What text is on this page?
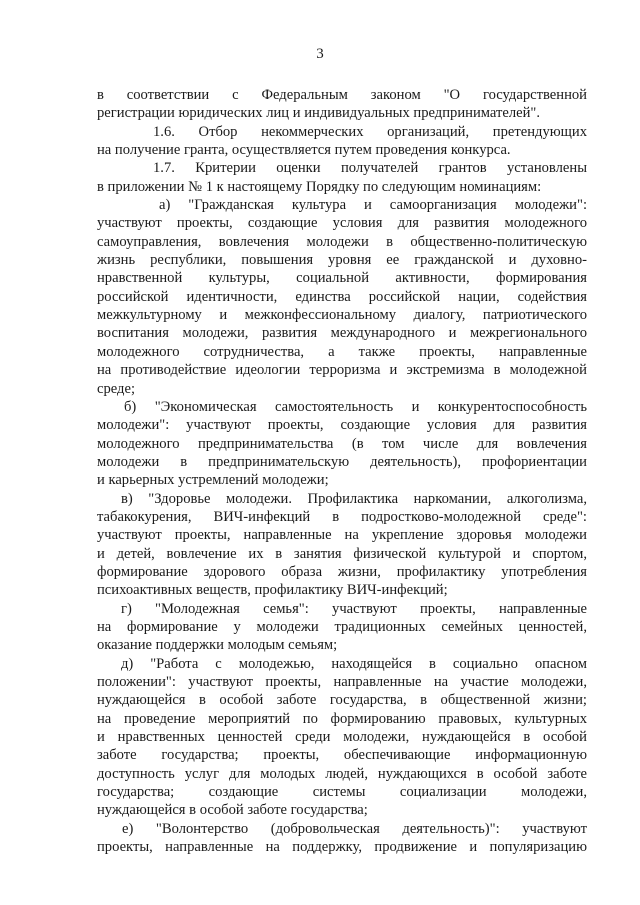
3
в соответствии с Федеральным законом "О государственной
регистрации юридических лиц и индивидуальных предпринимателей".
1.6. Отбор некоммерческих организаций, претендующих
на получение гранта, осуществляется путем проведения конкурса.
1.7. Критерии оценки получателей грантов установлены
в приложении № 1 к настоящему Порядку по следующим номинациям:
а) "Гражданская культура и самоорганизация молодежи":
участвуют проекты, создающие условия для развития молодежного
самоуправления, вовлечения молодежи в общественно-политическую
жизнь республики, повышения уровня ее гражданской и духовно-
нравственной культуры, социальной активности, формирования
российской идентичности, единства российской нации, содействия
межкультурному и межконфессиональному диалогу, патриотического
воспитания молодежи, развития международного и межрегионального
молодежного сотрудничества, а также проекты, направленные
на противодействие идеологии терроризма и экстремизма в молодежной
среде;
б) "Экономическая самостоятельность и конкурентоспособность
молодежи": участвуют проекты, создающие условия для развития
молодежного предпринимательства (в том числе для вовлечения
молодежи в предпринимательскую деятельность), профориентации
и карьерных устремлений молодежи;
в) "Здоровье молодежи. Профилактика наркомании, алкоголизма,
табакокурения, ВИЧ-инфекций в подростково-молодежной среде":
участвуют проекты, направленные на укрепление здоровья молодежи
и детей, вовлечение их в занятия физической культурой и спортом,
формирование здорового образа жизни, профилактику употребления
психоактивных веществ, профилактику ВИЧ-инфекций;
г) "Молодежная семья": участвуют проекты, направленные
на формирование у молодежи традиционных семейных ценностей,
оказание поддержки молодым семьям;
д) "Работа с молодежью, находящейся в социально опасном
положении": участвуют проекты, направленные на участие молодежи,
нуждающейся в особой заботе государства, в общественной жизни;
на проведение мероприятий по формированию правовых, культурных
и нравственных ценностей среди молодежи, нуждающейся в особой
заботе государства; проекты, обеспечивающие информационную
доступность услуг для молодых людей, нуждающихся в особой заботе
государства; создающие системы социализации молодежи,
нуждающейся в особой заботе государства;
е) "Волонтерство (добровольческая деятельность)": участвуют
проекты, направленные на поддержку, продвижение и популяризацию
